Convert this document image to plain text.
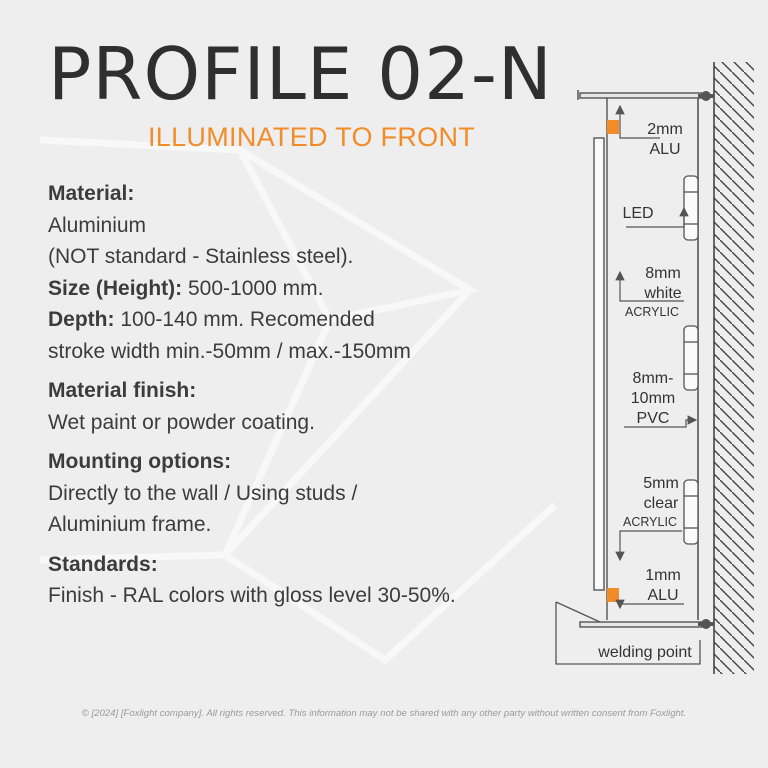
PROFILE 02-N
ILLUMINATED TO FRONT
Material:
Aluminium
(NOT standard - Stainless steel).
Size (Height): 500-1000 mm.
Depth: 100-140 mm. Recomended
stroke width min.-50mm / max.-150mm
Material finish:
Wet paint or powder coating.
Mounting options:
Directly to the wall / Using studs /
Aluminium frame.
Standards:
Finish - RAL colors with gloss level 30-50%.
2mm
ALU
LED
8mm
white
ACRYLIC
8mm-
10mm
PVC
5mm
clear
ACRYLIC
1mm
ALU
welding point
© [2024] [Foxlight company]. All rights reserved. This information may not be shared with any other party without written consent from Foxlight.
